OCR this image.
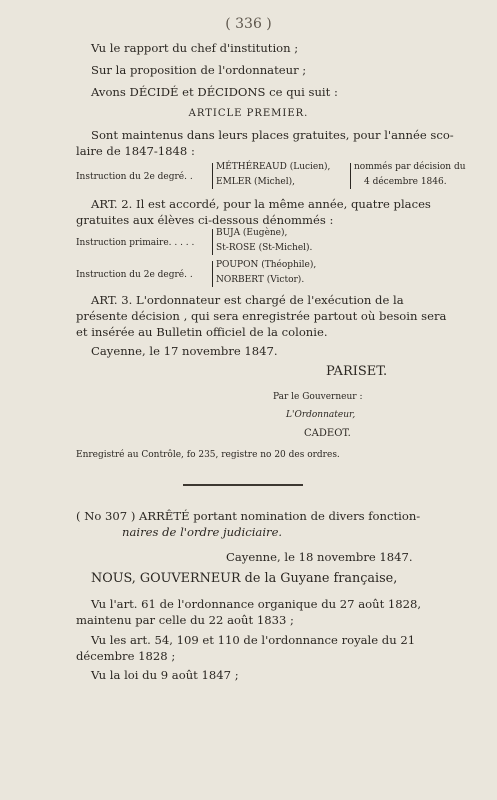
( 336 )
Vu le rapport du chef d'institution ;
Sur la proposition de l'ordonnateur ;
Avons DÉCIDÉ et DÉCIDONS ce qui suit :
ARTICLE PREMIER.
Sont maintenus dans leurs places gratuites, pour l'année sco-
laire de 1847-1848 :
Instruction du 2e degré. .
MÉTHÉREAUD (Lucien),
EMLER (Michel),
nommés par décision du
4 décembre 1846.
ART. 2. Il est accordé, pour la même année, quatre places
gratuites aux élèves ci-dessous dénommés :
Instruction primaire. . . . .
BUJA (Eugène),
St-ROSE (St-Michel).
Instruction du 2e degré. .
POUPON (Théophile),
NORBERT (Victor).
ART. 3. L'ordonnateur est chargé de l'exécution de la
présente décision , qui sera enregistrée partout où besoin sera
et insérée au Bulletin officiel de la colonie.
Cayenne, le 17 novembre 1847.
PARISET.
Par le Gouverneur :
L'Ordonnateur,
CADEOT.
Enregistré au Contrôle, fo 235, registre no 20 des ordres.
( No 307 ) ARRÊTÉ portant nomination de divers fonction-
naires de l'ordre judiciaire.
Cayenne, le 18 novembre 1847.
NOUS, GOUVERNEUR de la Guyane française,
Vu l'art. 61 de l'ordonnance organique du 27 août 1828,
maintenu par celle du 22 août 1833 ;
Vu les art. 54, 109 et 110 de l'ordonnance royale du 21
décembre 1828 ;
Vu la loi du 9 août 1847 ;
